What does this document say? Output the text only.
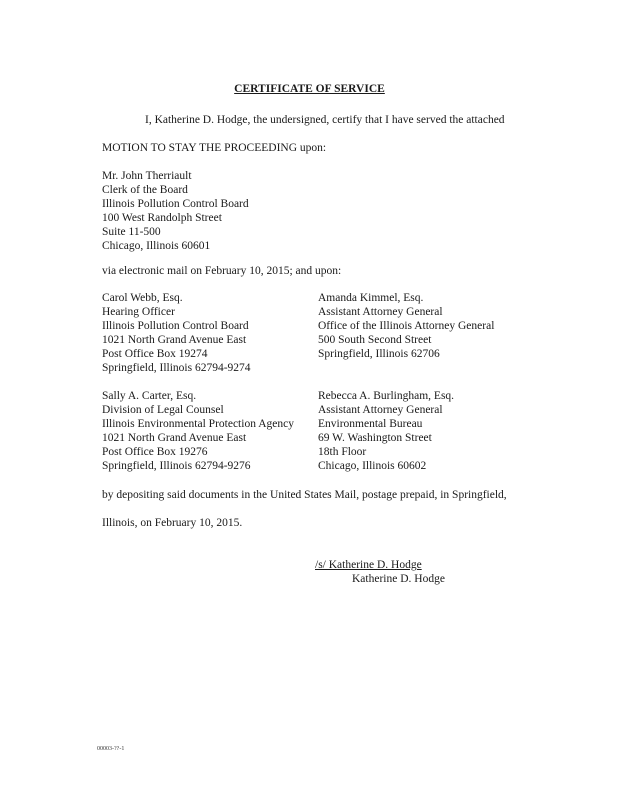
CERTIFICATE OF SERVICE
I, Katherine D. Hodge, the undersigned, certify that I have served the attached
MOTION TO STAY THE PROCEEDING upon:
Mr. John Therriault
Clerk of the Board
Illinois Pollution Control Board
100 West Randolph Street
Suite 11-500
Chicago, Illinois 60601
via electronic mail on February 10, 2015; and upon:
Carol Webb, Esq.
Hearing Officer
Illinois Pollution Control Board
1021 North Grand Avenue East
Post Office Box 19274
Springfield, Illinois 62794-9274
Amanda Kimmel, Esq.
Assistant Attorney General
Office of the Illinois Attorney General
500 South Second Street
Springfield, Illinois 62706
Sally A. Carter, Esq.
Division of Legal Counsel
Illinois Environmental Protection Agency
1021 North Grand Avenue East
Post Office Box 19276
Springfield, Illinois 62794-9276
Rebecca A. Burlingham, Esq.
Assistant Attorney General
Environmental Bureau
69 W. Washington Street
18th Floor
Chicago, Illinois 60602
by depositing said documents in the United States Mail, postage prepaid, in Springfield,
Illinois, on February 10, 2015.
/s/ Katherine D. Hodge
Katherine D. Hodge
00003-??-1
